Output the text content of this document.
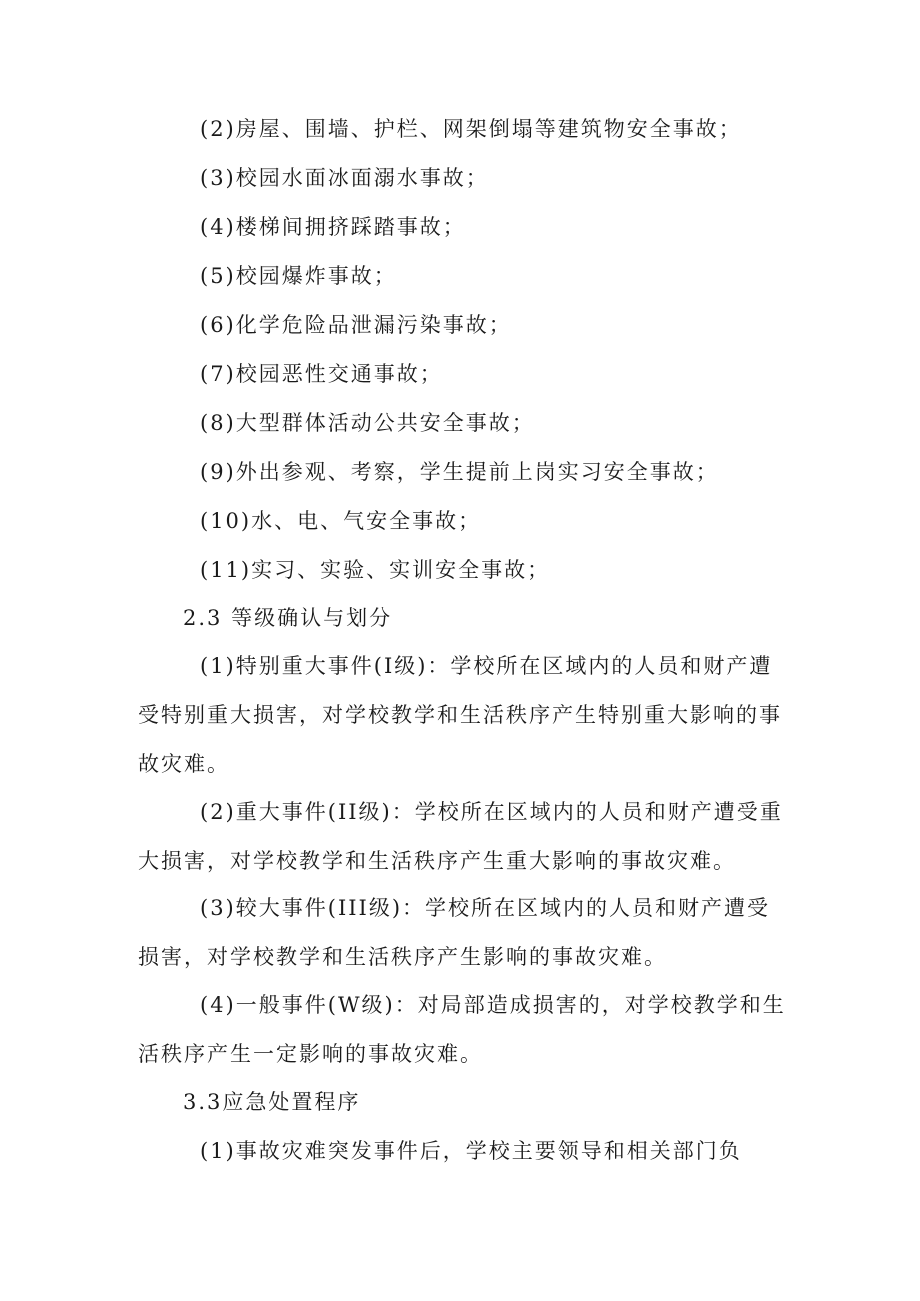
(2)房屋、围墙、护栏、网架倒塌等建筑物安全事故；
(3)校园水面冰面溺水事故；
(4)楼梯间拥挤踩踏事故；
(5)校园爆炸事故；
(6)化学危险品泄漏污染事故；
(7)校园恶性交通事故；
(8)大型群体活动公共安全事故；
(9)外出参观、考察，学生提前上岗实习安全事故；
(10)水、电、气安全事故；
(11)实习、实验、实训安全事故；
2.3 等级确认与划分
(1)特别重大事件(I级)：学校所在区域内的人员和财产遭
受特别重大损害，对学校教学和生活秩序产生特别重大影响的事
故灾难。
(2)重大事件(II级)：学校所在区域内的人员和财产遭受重
大损害，对学校教学和生活秩序产生重大影响的事故灾难。
(3)较大事件(III级)：学校所在区域内的人员和财产遭受
损害，对学校教学和生活秩序产生影响的事故灾难。
(4)一般事件(W级)：对局部造成损害的，对学校教学和生
活秩序产生一定影响的事故灾难。
3.3应急处置程序
(1)事故灾难突发事件后，学校主要领导和相关部门负
